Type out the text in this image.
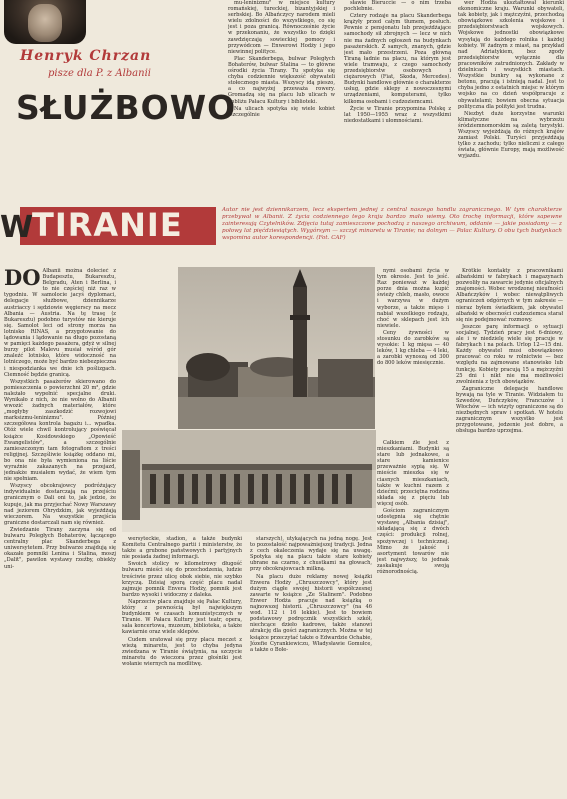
Henryk Chrzan
pisze dla P. z Albanii
SŁUŻBOWO
W
TIRANIE	Autor nie jest dziennikarzem, lecz ekspertem jednej z central naszego handlu zagranicznego. W tym charakterze przebywał w Albanii. Z życia codziennego tego kraju bardzo mało wiemy. Oto trochę informacji, które sapewne zainteresują Czytelników. Zdjęcia tutaj zamieszczone pochodzą z naszego archiwum, oddanie — jakie posiadamy — z połowy lat pięćdziesiątych. Wygórsym — szczyt minaretu w Tiranie; na dolnym — Pałac Kultury. O obu tych budynkach wspomina autor korespondencji. (Fot. CAF)

mu-leninizmu" w miejsce kultury romańskiej, tureckiej, bizantyjskiej i serbskiej. Bo Albańczycy narodem mieli wielu zdolności do wszystkiego, co się jest i poza granicą. Równocześnie życie w przekonaniu, że wszystko to dzięki zawdzięczają sowieckiej pomocy i przywódcom — Enwerowi Hodży i jego niewinnej polityce.

Plac Skanderbega, bulwar Poległych Bohaterów, bulwar Stalina — to główne ośrodki życia Tirany. Tu spotyka się chyba codziennie większość obywateli stołecznego miasta. Wszyscy idą pieszo, a co najwyżej przeważa rowery. Gromadzą się na placu lub ulicach w pobliżu Pałacu Kultury i biblioteki.

Na ulicach spotyka się wiele kobiet (szczególnie

sławie Bieruccie — o nim trzeba pochlebnie.

Cztery rodzaje na placu Skanderbega krążyły przed całym tłumem, posłuch. Pewnie z pensjonatu lub przejeżdżające samochody sił zbrojnych — lecz w nich nie ma żadnych ogłoszeń na budynkach pasażerskich. Z samych, znanych, gdzie jest mało przestrzeni. Poza główną Tiraną ładnie na placu, na którym jest wiele tramwaju, z czego samochody przedsiębiorstw osobowych i ciężarowych (Fiat, Skoda, Mercedes). Budynki handlowe głównie o charakterze usług, gdzie sklepy z nowoczesnymi urządzeniami, komputerami, tylko kilkoma osobami i cudzoziemcami.

Życie w Tiranie przypomina Polskę z lat 1950—1955 wraz z wszystkimi niedostatkami i ułomnościami.

wer Hodża ukształtował kierunki ekonomiczne kraju. Warunki obywateli, tak kobiety, jak i mężczyźni, przechodzą obowiązkowe szkolenia wojskowe i przedsiębiorstwach wojskowych. Wojskowe jednostki obowiązkowe wysyłają do każdego rolnika i każdej kobiety. W żadnym z miast, na przykład nad Adriatykiem, bez zgody przedsiębiorstw wyłącznie dla pracowników zatrudnionych. Zakłady w dzielnicach i wszystkich miastach. Wszystkie bunkry są wykonane z betonu, pracują i istnieją nadal. Jest to chyba jedno z ostatnich miejsc w którym wojsko na co dzień współpracuje z obywatelami; bowiem obecna sytuacja polityczna dla polityki jest trudna.

Niezbyt duże korzystne warunki klimatyczne na wybrzeżu śródziemnomorskim są zaletą turystyki. Wszyscy wyjeżdżają do różnych krajów zamiast Polski. Turyści przyjeżdżają tylko z zachodu; tylko nieliczni z całego świata, głównie Europy, mają możliwość wyjazdu.

DO Albanii można dolecieć z Budapesztu, Bukaresztu, Belgradu, Aten i Berlina, i to nie częściej niż raz w tygodniu. W samolocie jacyś dyplomaci, delegacje służbowe, dziennikarze austriaccy i sędziowie węgierscy na mecz Albania — Austria. Na tę trasę (z Bukaresztu) podobno turystów nie kieruje się. Samolot leci od strony morza na lotnisko RINAS, a przygotowanie do lądowania i lądowanie na długo pozostaną w pamięci każdego pasażera, gdyż w silnej burzy pilot Malevu musiał wśród gór znaleźć lotnisko, które widoczność na lotniczego, może być bardzo niebezpieczna i niespodzianka we dnie ich poślizgach. Ciemność będzie granicą.

Wszystkich pasażerów skierowano do pomieszczenia o powierzchni 20 m², gdzie należało wypełnić specjalne druki. Wynikało z nich, że nie wolno do Albanii wwozić żadnych materiałów, które „mogłyby zaszkodzić rozwojowi marksizmu-leninizmu". Później szczegółowa kontrola bagażu i... wpadka. Otóż wiele chwil kontrolujący poświęcał książce Kosidowskiego „Opowieść Ewangelistów", a szczególnie zamieszczonym tam fotografiom z treści religijnej. Szczęśliwie książkę oddano mi, bo ona nie była wymieniona na liście wyraźnie zakazanych na przejazd, jednakże musiałem wydać, że wiem tym nie spełniam.

Wszyscy obcokrajowcy podróżujący indywidualnie dostarczają na przejściu granicznym o Dali oni to, jak jedzie, że kupuje, jak ma przyjechać Nowy Warszawy nad jeziorem Ohrydzkim, jak wyjeżdżają wieczorem. Na wszystkie przejścia graniczne dostarczali nam się również.

Zwiedzanie Tirany zaczyna się od bulwaru Poległych Bohaterów, łączącego centralny plac Skanderbega z uniwersytetem. Przy bulwarze znajdują się okazałe pomniki Lenina i Stalina, moszj „Dalit", pawilon wystawy rzeźby, obiekty uni-

nymi osobami życia w tym okresie. Jest to jeść. Raz ponieważ w każdej porze dnia można kupić świeży chleb, masło, owoce i warzywa w dużym wyborze, a także mięso i nabiał wszelkiego rodzaju, choć w sklepach jest ich niewiele.

Ceny żywności w stosunku do zarobków są wysokie: 1 kg mięsa — 40 leków, 1 kg chleba — 4 leki, a zarobki wynoszą od 300 do 800 leków miesięcznie.

Całkiem źle jest z mieszkaniami. Budynki są stare lub jednakowe, a stare kamienice przeważnie sypią się. W mieście mieszka się w ciasnych mieszkaniach, także w kuchni razem z dziećmi; przeciętna rodzina składa się z pięciu lub więcej osób.

Gościom zagranicznym udostępnia się chętnie wystawę „Albania dzisiaj", składającą się z dwóch części: produkcji rolnej, spożywczej i technicznej. Mimo że jakość i asortyment towarów nie jest najwyższy, to jednak zaskakuje swoją różnorodnością.

wersyteckie, stadion, a także budynki Komitetu Centralnego partii i ministerstw, że także a grubone państwowych i partyjnych nie posiada żadnej informacji.

Swoich stolicy w kilometrowy długość bulwaru mieści się do przechodzenia, ludzie treściwie przez ulicę obok siebie, nie szybko krzyczą. Dzisiaj sporą część placu nadal zajmuje pomnik Envera Hodży, pomnik jest bardzo wysoki i widoczny z daleka.

Naprzeciw placu znajduje się Pałac Kultury, który z pewnością był największym budynkiem w czasach komunistycznych w Tiranie. W Pałacu Kultury jest teatr, opera, sala koncertowa, muzeum, biblioteka, a także kawiarnie oraz wiele sklepów.

Cudem uratował się przy placu meczet z wieżą minaretu, jest to chyba jedyna zwiedzana w Tiranie świątynia, na szczycie minaretu do wieczora przez głośniki jest wołanie wiernych na modlitwę.

starszych), utykających na jedną nogę. Jest to pozostałość najpoważniejszej tradycji. Jedna z cech okaleczenia wydaje się na uwagę. Spotyka się na placu także stare kobiety ubrane na czarno, z chustkami na głowach, przy obcokrajowcach milkną.

Na placu duże reklamy nowej książki Enwera Hodży „Chruszczowcy", który jest dużym ciągłe swojej historii współczesnej zawarte w książce „Ze Stalinem". Podobno Enwer Hodża pracuje nad książką o najnowszej historii. „Chruszczowcy" (na 46 wod. 112 i 16 lekkie). Jest to bowiem podstawowy podręcznik wszystkich szkół, niechcące dzieło kadrowe, także stanowi atrakcję dla gości zagranicznych. Można w tej książce przeczytać także o Edwardzie Ochabie, Józefie Cyrankiewiczu, Władysławie Gomułce, a także o Bole-

Krótkie kontakty z pracownikami albańskimi w fabrykach i magazynach pozwoliły na zawarcie jedynie oficjalnych znajomości. Wobec wrodzonej nieufności Albańczyków i wobec niewątpliwych ograniczeń odgórnych w tym zakresie — nieraz byłem świadkiem, jak obywatel albański w obecności cudzoziemca starał się nie podejmować rozmowy.

Jeszcze parę informacji o sytuacji socjalnej. Tydzień pracy jest 6-dniowy, ale i w niedzielę wiele się pracuje w fabrykach i na polach. Urlop 12—15 dni. Każdy obywatel musi obowiązkowo pracować co roku w rolnictwie — bez względu na zajmowane stanowisko lub funkcję. Kobiety pracują 15 a mężczyźni 25 dni i nikt nie ma możliwości zwolnienia z tych obowiązków.

Zagraniczne delegacje handlowe bywają na tyle w Tiranie. Widziałem tu Szwedów, Duńczyków, Francuzów i Włochów — ich wizyty ograniczone są do niezbędnych spraw i spotkań. W hotelu zagranicznym wszystko jest przygotowane, jedzenie jest dobre, a obsługa bardzo uprzejma.
